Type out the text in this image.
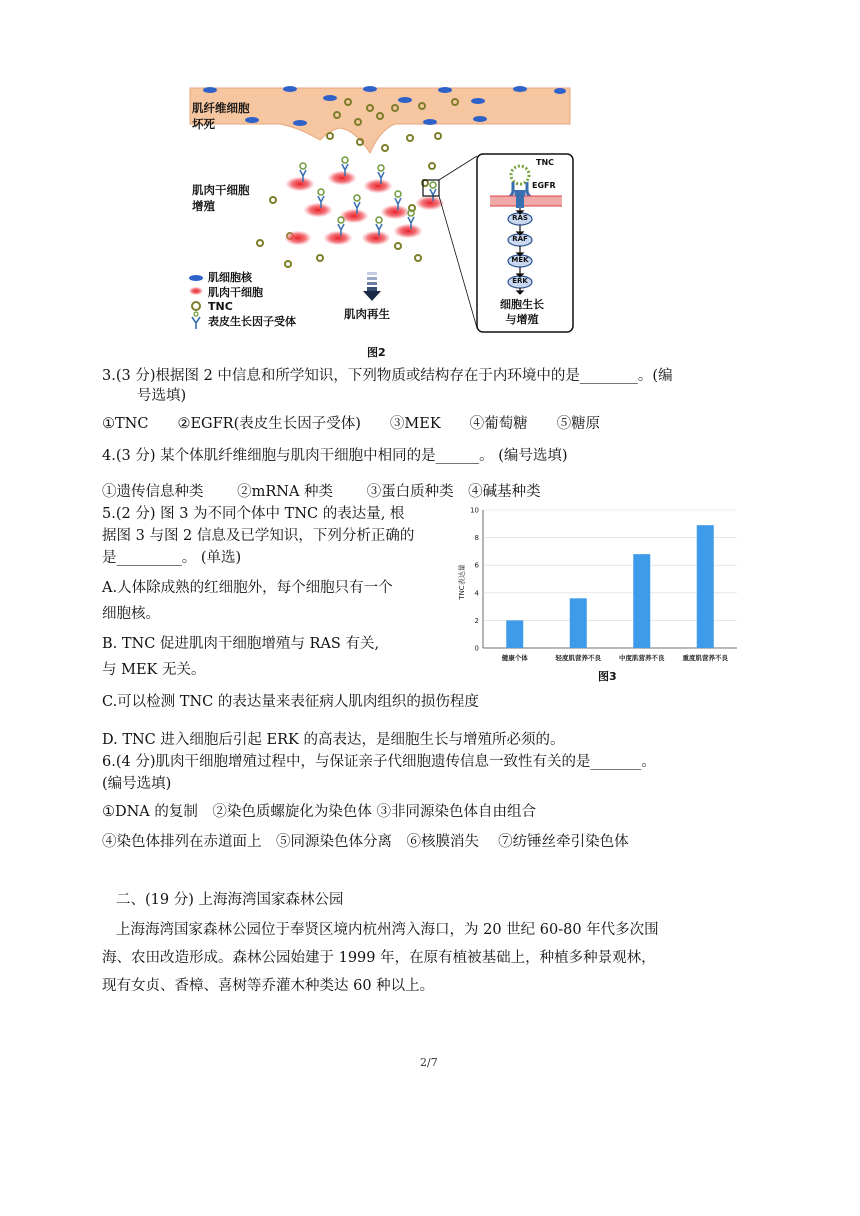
肌纤维细胞
坏死
肌肉干细胞
增殖
肌细胞核
肌肉干细胞
TNC
表皮生长因子受体	肌肉再生
TNC
EGFR
RAS
RAF
MEK
ERK
细胞生长
与增殖
图2
3.(3 分)根据图 2 中信息和所学知识，下列物质或结构存在于内环境中的是________。(编
号选填)
①TNC　　②EGFR(表皮生长因子受体)　　③MEK　　④葡萄糖　　⑤糖原
4.(3 分) 某个体肌纤维细胞与肌肉干细胞中相同的是______。 (编号选填)
①遗传信息种类　　 ②mRNA 种类　　 ③蛋白质种类　④碱基种类
5.(2 分) 图 3 为不同个体中 TNC 的表达量, 根
据图 3 与图 2 信息及已学知识，下列分析正确的
是_________。 (单选)
A.人体除成熟的红细胞外，每个细胞只有一个
细胞核。
B. TNC 促进肌肉干细胞增殖与 RAS 有关,
与 MEK 无关。
C.可以检测 TNC 的表达量来表征病人肌肉组织的损伤程度
D. TNC 进入细胞后引起 ERK 的高表达，是细胞生长与增殖所必须的。
0
2
4
6
8
10
健康个体	轻度肌营养不良	中度肌营养不良	重度肌营养不良
TNC表达量
图3
6.(4 分)肌肉干细胞增殖过程中，与保证亲子代细胞遗传信息一致性有关的是_______。
(编号选填)
①DNA 的复制　②染色质螺旋化为染色体 ③非同源染色体自由组合
④染色体排列在赤道面上　⑤同源染色体分离　⑥核膜消失　 ⑦纺锤丝牵引染色体
二、(19 分) 上海海湾国家森林公园
上海海湾国家森林公园位于奉贤区境内杭州湾入海口，为 20 世纪 60-80 年代多次围
海、农田改造形成。森林公园始建于 1999 年，在原有植被基础上，种植多种景观林，
现有女贞、香樟、喜树等乔灌木种类达 60 种以上。
2/7
